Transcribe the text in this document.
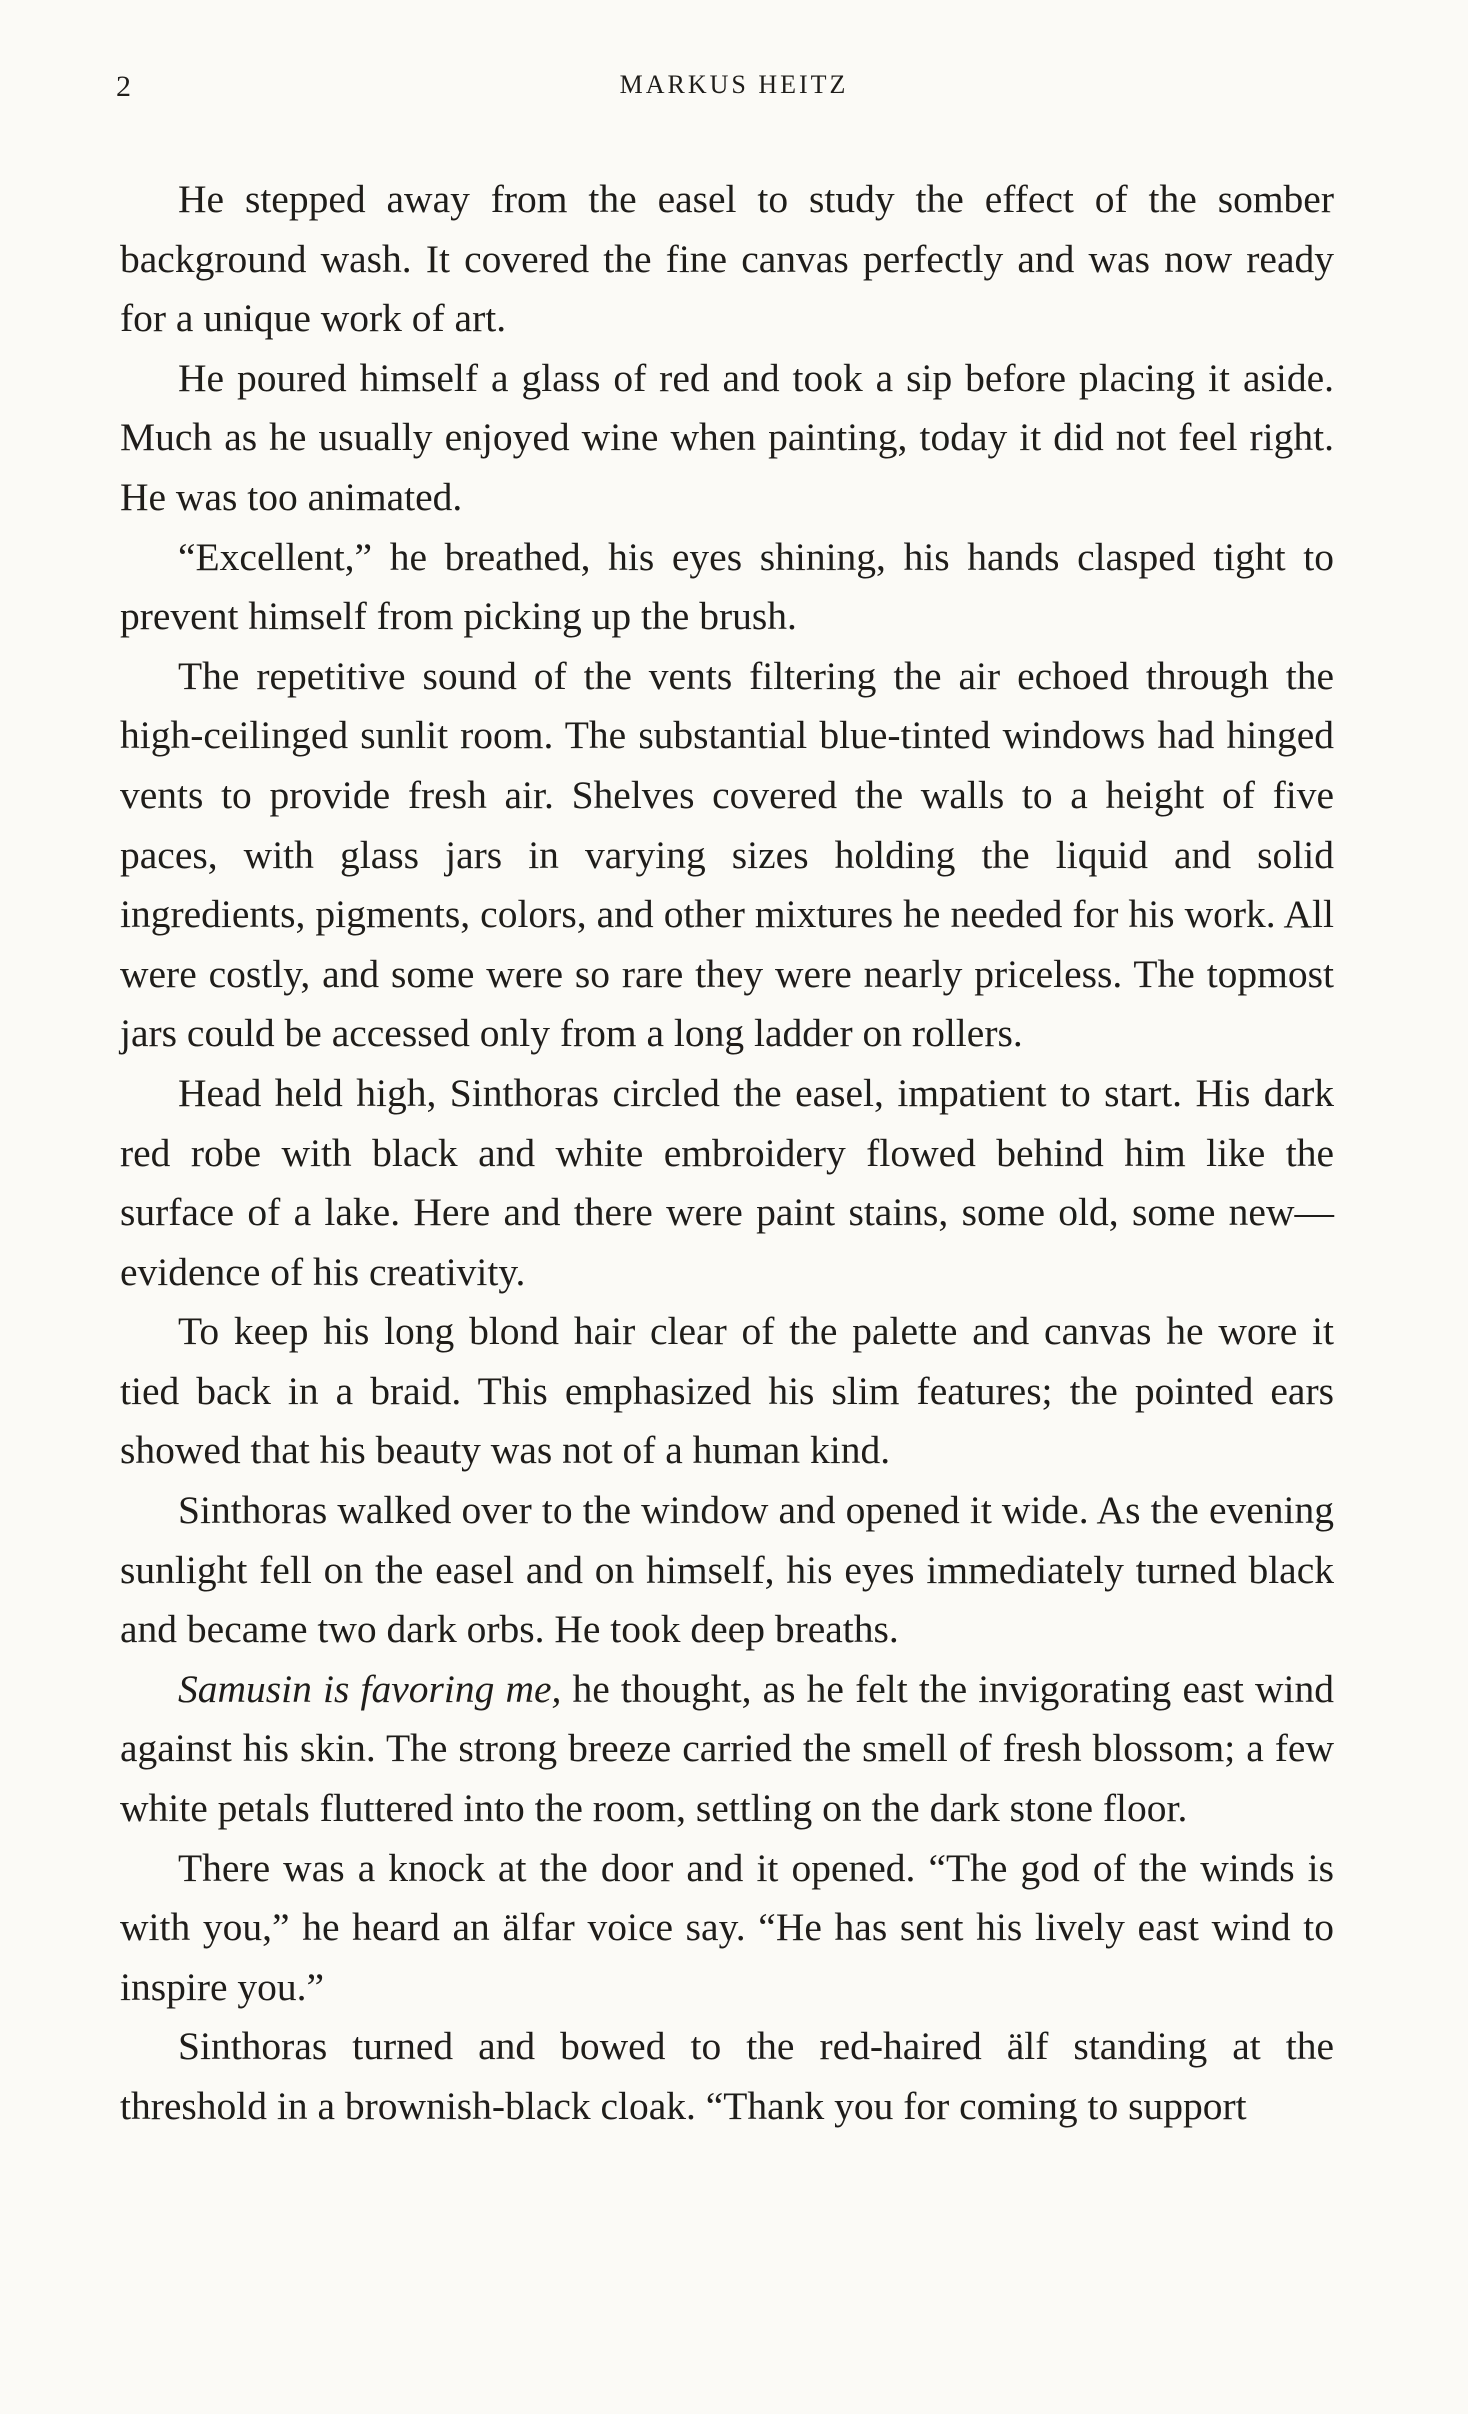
2	MARKUS HEITZ

He stepped away from the easel to study the effect of the somber background wash. It covered the fine canvas perfectly and was now ready for a unique work of art.

He poured himself a glass of red and took a sip before placing it aside. Much as he usually enjoyed wine when painting, today it did not feel right. He was too animated.

“Excellent,” he breathed, his eyes shining, his hands clasped tight to prevent himself from picking up the brush.

The repetitive sound of the vents filtering the air echoed through the high-ceilinged sunlit room. The substantial blue-tinted windows had hinged vents to provide fresh air. Shelves covered the walls to a height of five paces, with glass jars in varying sizes holding the liquid and solid ingredients, pigments, colors, and other mixtures he needed for his work. All were costly, and some were so rare they were nearly priceless. The topmost jars could be accessed only from a long ladder on rollers.

Head held high, Sinthoras circled the easel, impatient to start. His dark red robe with black and white embroidery flowed behind him like the surface of a lake. Here and there were paint stains, some old, some new—evidence of his creativity.

To keep his long blond hair clear of the palette and canvas he wore it tied back in a braid. This emphasized his slim features; the pointed ears showed that his beauty was not of a human kind.

Sinthoras walked over to the window and opened it wide. As the evening sunlight fell on the easel and on himself, his eyes immediately turned black and became two dark orbs. He took deep breaths.

Samusin is favoring me, he thought, as he felt the invigorating east wind against his skin. The strong breeze carried the smell of fresh blossom; a few white petals fluttered into the room, settling on the dark stone floor.

There was a knock at the door and it opened. “The god of the winds is with you,” he heard an älfar voice say. “He has sent his lively east wind to inspire you.”

Sinthoras turned and bowed to the red-haired älf standing at the threshold in a brownish-black cloak. “Thank you for coming to support
